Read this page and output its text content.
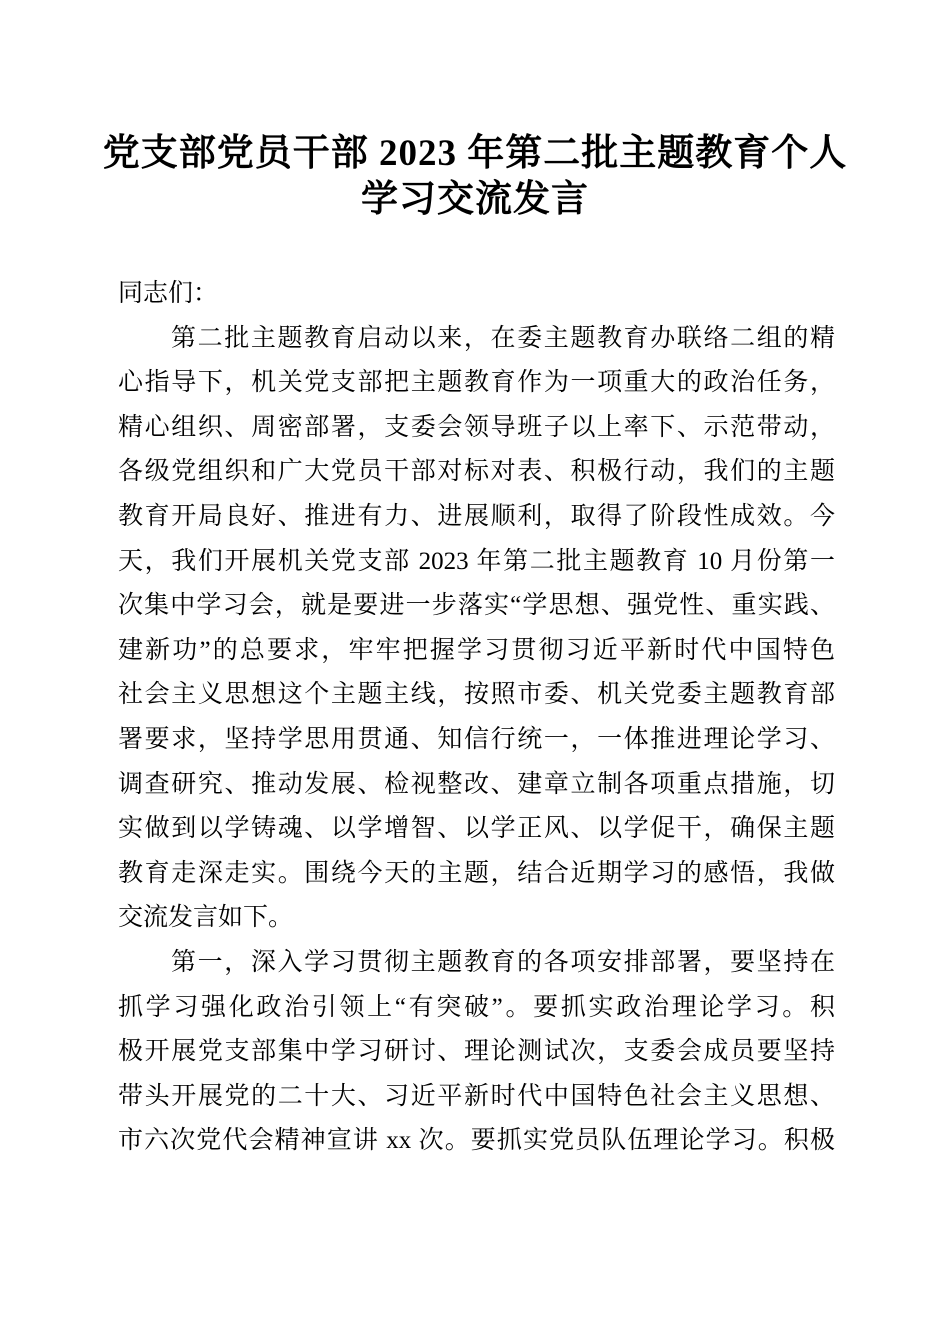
党支部党员干部 2023 年第二批主题教育个人
学习交流发言
同志们：
第二批主题教育启动以来，在委主题教育办联络二组的精
心指导下，机关党支部把主题教育作为一项重大的政治任务，
精心组织、周密部署，支委会领导班子以上率下、示范带动，
各级党组织和广大党员干部对标对表、积极行动，我们的主题
教育开局良好、推进有力、进展顺利，取得了阶段性成效。今
天，我们开展机关党支部 2023 年第二批主题教育 10 月份第一
次集中学习会，就是要进一步落实“学思想、强党性、重实践、
建新功”的总要求，牢牢把握学习贯彻习近平新时代中国特色
社会主义思想这个主题主线，按照市委、机关党委主题教育部
署要求，坚持学思用贯通、知信行统一，一体推进理论学习、
调查研究、推动发展、检视整改、建章立制各项重点措施，切
实做到以学铸魂、以学增智、以学正风、以学促干，确保主题
教育走深走实。围绕今天的主题，结合近期学习的感悟，我做
交流发言如下。
第一，深入学习贯彻主题教育的各项安排部署，要坚持在
抓学习强化政治引领上“有突破”。要抓实政治理论学习。积
极开展党支部集中学习研讨、理论测试次，支委会成员要坚持
带头开展党的二十大、习近平新时代中国特色社会主义思想、
市六次党代会精神宣讲 xx 次。要抓实党员队伍理论学习。积极
